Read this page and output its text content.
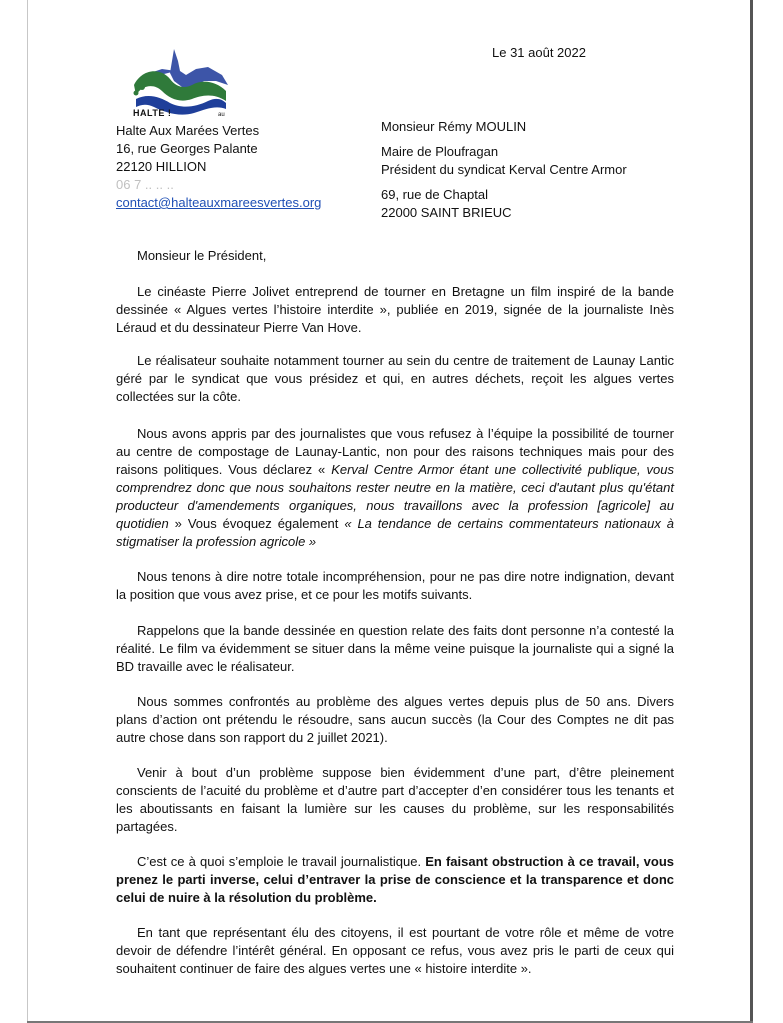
Le 31 août 2022
HALTE !	au
Halte Aux Marées Vertes
16, rue Georges Palante
22120 HILLION
06 7 .. .. ..
contact@halteauxmareesvertes.org
Monsieur Rémy MOULIN
Maire de Ploufragan
Président du syndicat Kerval Centre Armor
69, rue de Chaptal
22000 SAINT BRIEUC

Monsieur le Président,

Le cinéaste Pierre Jolivet entreprend de tourner en Bretagne un film inspiré de la bande dessinée « Algues vertes l’histoire interdite », publiée en 2019, signée de la journaliste Inès Léraud et du dessinateur Pierre Van Hove.

Le réalisateur souhaite notamment tourner au sein du centre de traitement de Launay Lantic géré par le syndicat que vous présidez et qui, en autres déchets, reçoit les algues vertes collectées sur la côte.

Nous avons appris par des journalistes que vous refusez à l’équipe la possibilité de tourner au centre de compostage de Launay-Lantic, non pour des raisons techniques mais pour des raisons politiques. Vous déclarez « Kerval Centre Armor étant une collectivité publique, vous comprendrez donc que nous souhaitons rester neutre en la matière, ceci d'autant plus qu'étant producteur d'amendements organiques, nous travaillons avec la profession [agricole] au quotidien » Vous évoquez également « La tendance de certains commentateurs nationaux à stigmatiser la profession agricole »

Nous tenons à dire notre totale incompréhension, pour ne pas dire notre indignation, devant la position que vous avez prise, et ce pour les motifs suivants.

Rappelons que la bande dessinée en question relate des faits dont personne n’a contesté la réalité. Le film va évidemment se situer dans la même veine puisque la journaliste qui a signé la BD travaille avec le réalisateur.

Nous sommes confrontés au problème des algues vertes depuis plus de 50 ans. Divers plans d’action ont prétendu le résoudre, sans aucun succès (la Cour des Comptes ne dit pas autre chose dans son rapport du 2 juillet 2021).

Venir à bout d’un problème suppose bien évidemment d’une part, d’être pleinement conscients de l’acuité du problème et d’autre part d’accepter d’en considérer tous les tenants et les aboutissants en faisant la lumière sur les causes du problème, sur les responsabilités partagées.

C’est ce à quoi s’emploie le travail journalistique. En faisant obstruction à ce travail, vous prenez le parti inverse, celui d’entraver la prise de conscience et la transparence et donc celui de nuire à la résolution du problème.

En tant que représentant élu des citoyens, il est pourtant de votre rôle et même de votre devoir de défendre l’intérêt général. En opposant ce refus, vous avez pris le parti de ceux qui souhaitent continuer de faire des algues vertes une « histoire interdite ».
